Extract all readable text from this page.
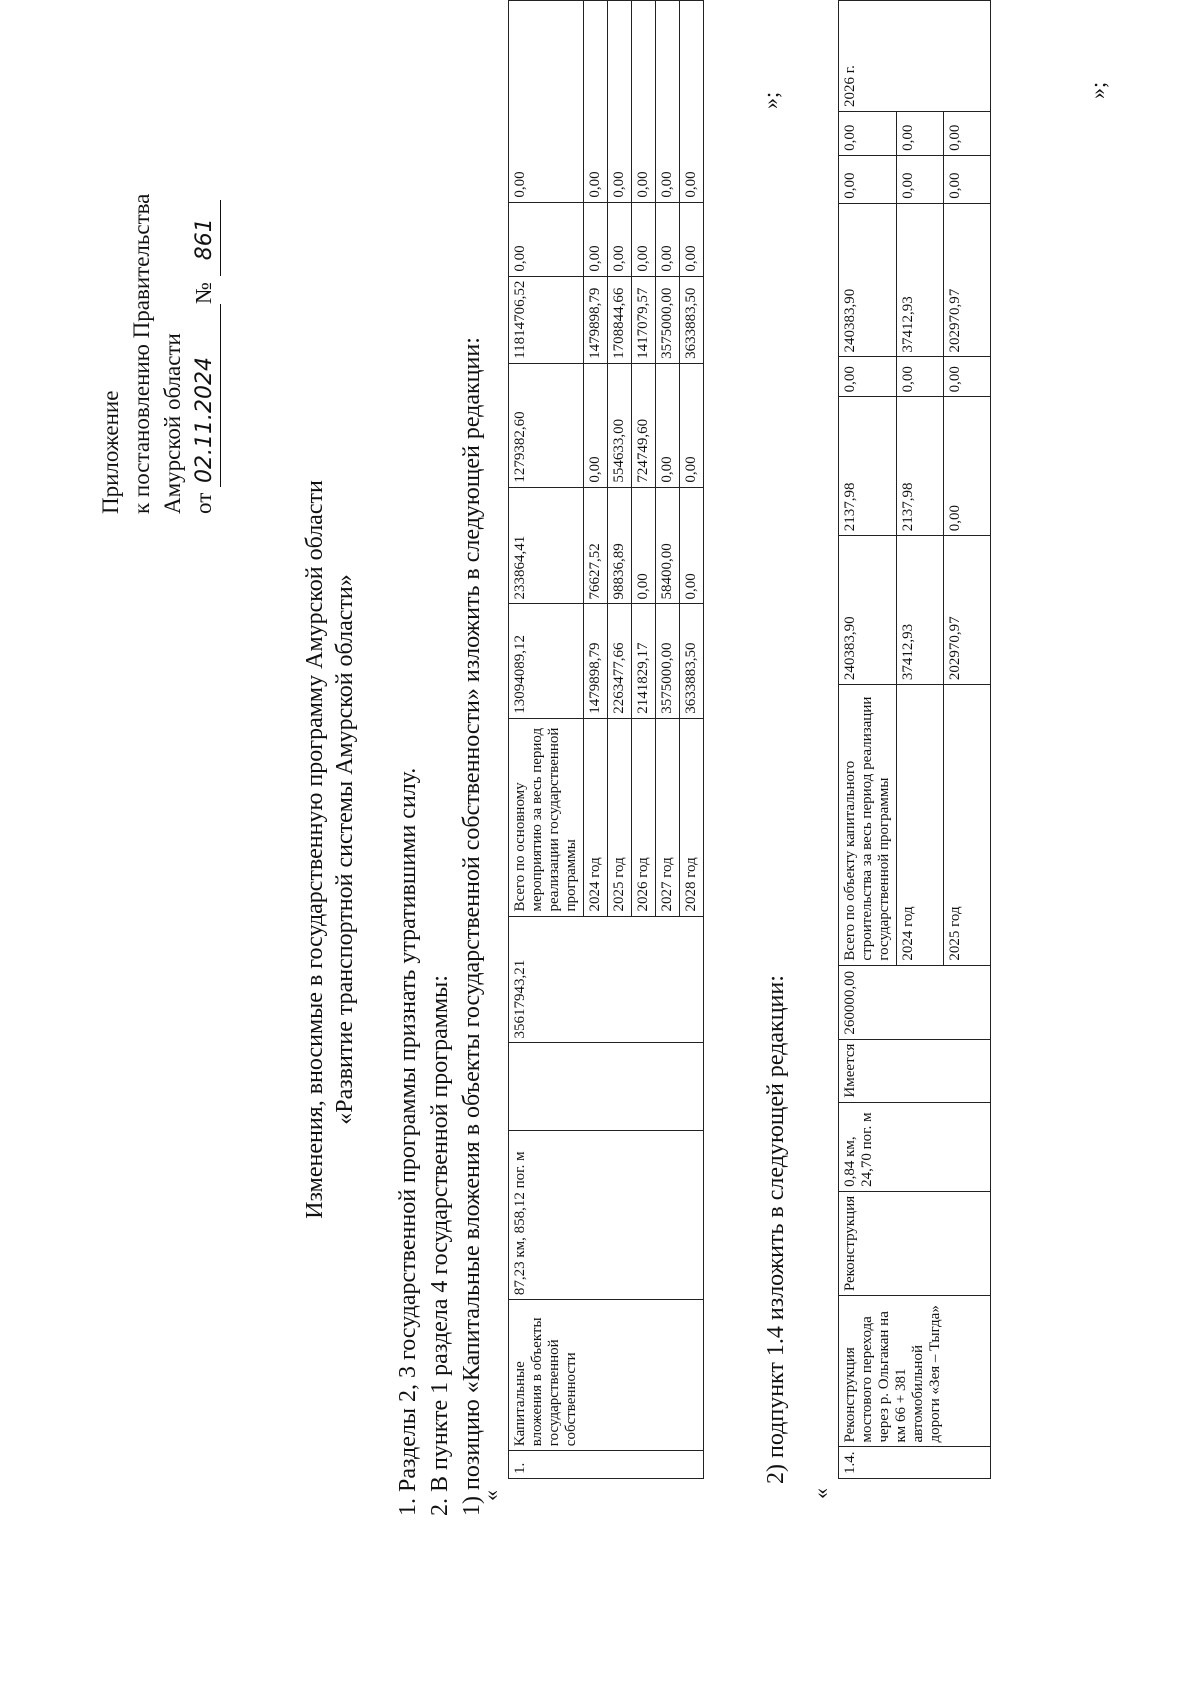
Приложение к постановлению Правительства Амурской области от 02.11.2024№ 861
Изменения, вносимые в государственную программу Амурской области «Развитие транспортной системы Амурской области» 1. Разделы 2, 3 государственной программы признать утратившими силу. 2. В пункте 1 раздела 4 государственной программы: 1) позицию «Капитальные вложения в объекты государственной собственности» изложить в следующей редакции:
«
1.	Капитальные вложения в объекты государственной собственности	87,23 км, 858,12 пог. м		35617943,21	Всего по основному мероприятию за весь период реализации государственной программы	13094089,12	233864,41	1279382,60	11814706,52	0,00	0,00
					2024 год	1479898,79	76627,52	0,00	1479898,79	0,00	0,00
					2025 год	2263477,66	98836,89	554633,00	1708844,66	0,00	0,00
					2026 год	2141829,17	0,00	724749,60	1417079,57	0,00	0,00
					2027 год	3575000,00	58400,00	0,00	3575000,00	0,00	0,00
					2028 год	3633883,50	0,00	0,00	3633883,50	0,00	0,00
»;
2) подпункт 1.4 изложить в следующей редакции:
«
1.4.	Реконструкция мостового перехода через р. Ольгакан на км 66 + 381 автомобильной дороги «Зея – Тыгда»	Реконструкция	0,84 км, 24,70 пог. м	Имеется	260000,00	Всего по объекту капитального строительства за весь период реализации государственной программы	240383,90	2137,98	0,00	240383,90	0,00	0,00	2026 г.
						2024 год	37412,93	2137,98	0,00	37412,93	0,00	0,00	
						2025 год	202970,97	0,00	0,00	202970,97	0,00	0,00	
»;
